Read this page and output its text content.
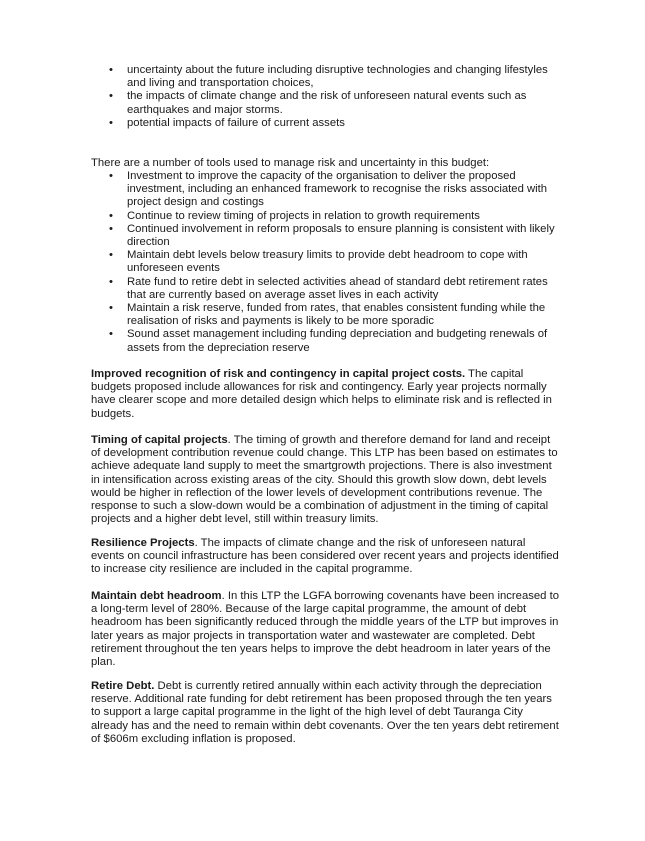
• uncertainty about the future including disruptive technologies and changing lifestyles and living and transportation choices,
• the impacts of climate change and the risk of unforeseen natural events such as earthquakes and major storms.
• potential impacts of failure of current assets

There are a number of tools used to manage risk and uncertainty in this budget:

• Investment to improve the capacity of the organisation to deliver the proposed investment, including an enhanced framework to recognise the risks associated with project design and costings
• Continue to review timing of projects in relation to growth requirements
• Continued involvement in reform proposals to ensure planning is consistent with likely direction
• Maintain debt levels below treasury limits to provide debt headroom to cope with unforeseen events
• Rate fund to retire debt in selected activities ahead of standard debt retirement rates that are currently based on average asset lives in each activity
• Maintain a risk reserve, funded from rates, that enables consistent funding while the realisation of risks and payments is likely to be more sporadic
• Sound asset management including funding depreciation and budgeting renewals of assets from the depreciation reserve

Improved recognition of risk and contingency in capital project costs. The capital budgets proposed include allowances for risk and contingency. Early year projects normally have clearer scope and more detailed design which helps to eliminate risk and is reflected in budgets.

Timing of capital projects. The timing of growth and therefore demand for land and receipt of development contribution revenue could change. This LTP has been based on estimates to achieve adequate land supply to meet the smartgrowth projections. There is also investment in intensification across existing areas of the city. Should this growth slow down, debt levels would be higher in reflection of the lower levels of development contributions revenue. The response to such a slow-down would be a combination of adjustment in the timing of capital projects and a higher debt level, still within treasury limits.

Resilience Projects. The impacts of climate change and the risk of unforeseen natural events on council infrastructure has been considered over recent years and projects identified to increase city resilience are included in the capital programme.

Maintain debt headroom. In this LTP the LGFA borrowing covenants have been increased to a long-term level of 280%. Because of the large capital programme, the amount of debt headroom has been significantly reduced through the middle years of the LTP but improves in later years as major projects in transportation water and wastewater are completed. Debt retirement throughout the ten years helps to improve the debt headroom in later years of the plan.

Retire Debt. Debt is currently retired annually within each activity through the depreciation reserve. Additional rate funding for debt retirement has been proposed through the ten years to support a large capital programme in the light of the high level of debt Tauranga City already has and the need to remain within debt covenants. Over the ten years debt retirement of $606m excluding inflation is proposed.
